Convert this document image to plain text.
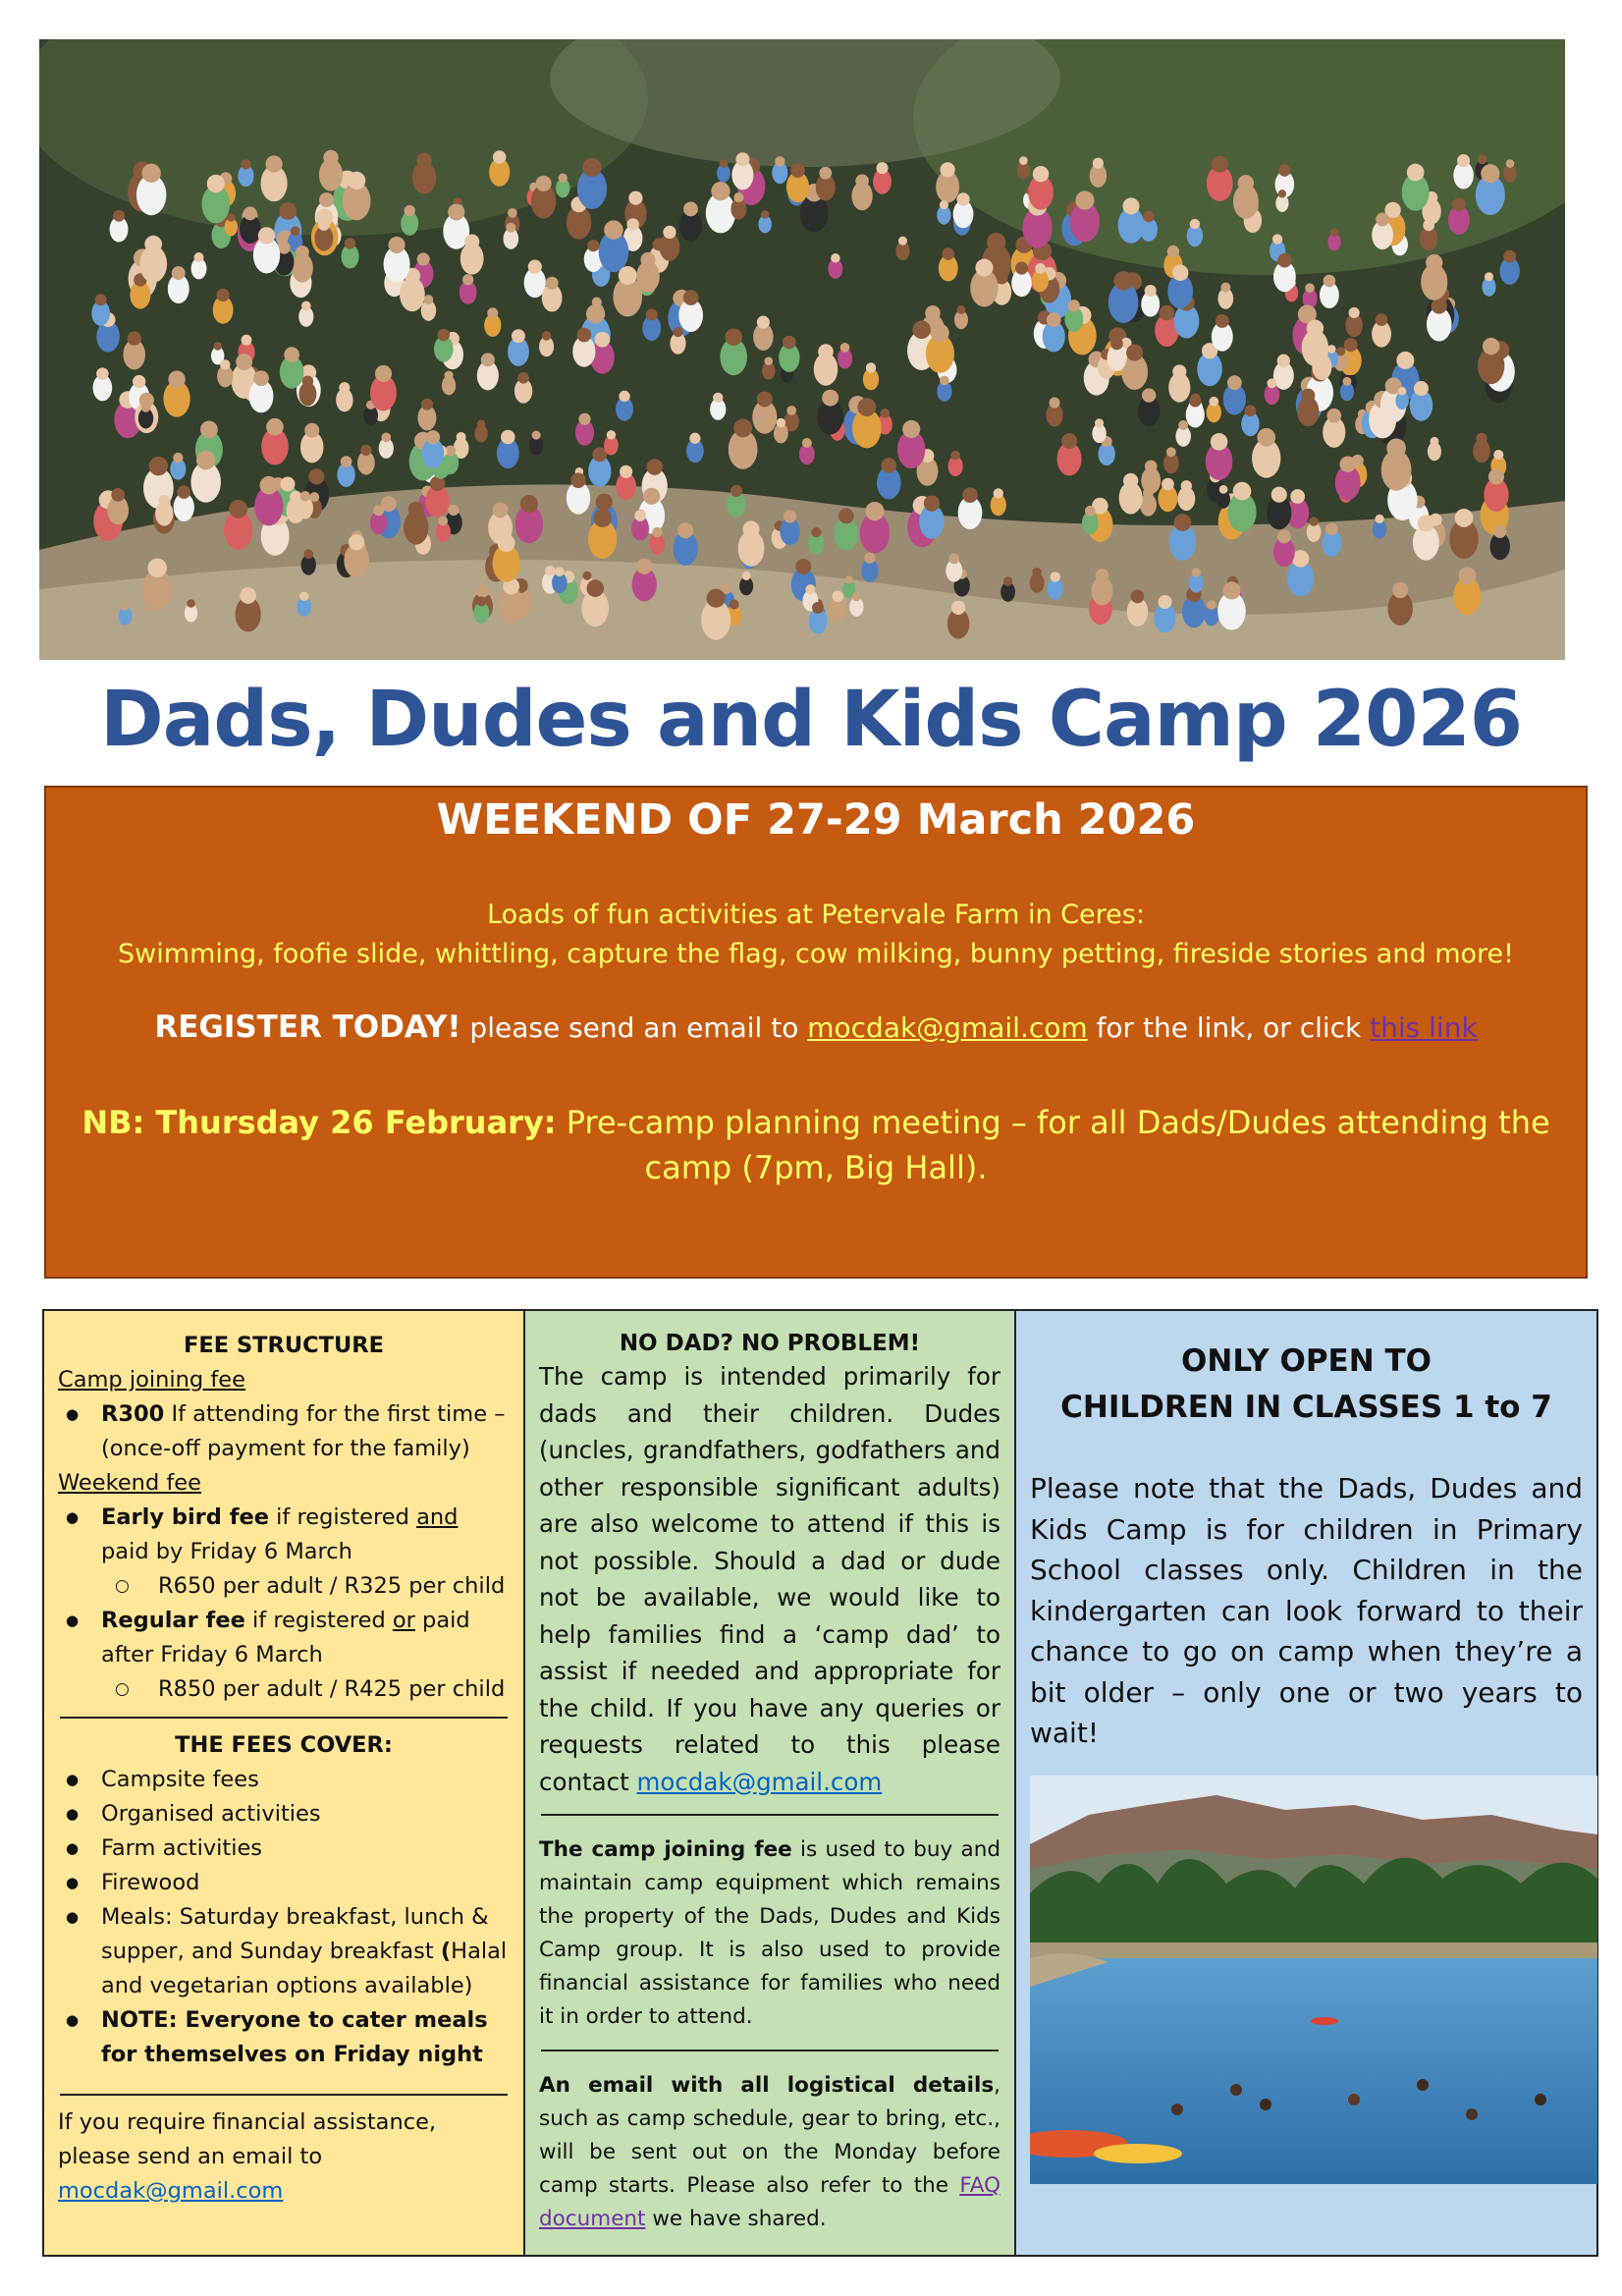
Dads, Dudes and Kids Camp 2026
WEEKEND OF 27-29 March 2026
Loads of fun activities at Petervale Farm in Ceres:
Swimming, foofie slide, whittling, capture the flag, cow milking, bunny petting, fireside stories and more!
REGISTER TODAY! please send an email to mocdak@gmail.com for the link, or click this link
NB: Thursday 26 February: Pre-camp planning meeting – for all Dads/Dudes attending the camp (7pm, Big Hall).
FEE STRUCTURE
Camp joining fee
● R300 If attending for the first time – (once-off payment for the family)
Weekend fee
● Early bird fee if registered and paid by Friday 6 March
○ R650 per adult / R325 per child
● Regular fee if registered or paid after Friday 6 March
○ R850 per adult / R425 per child
THE FEES COVER:
● Campsite fees
● Organised activities
● Farm activities
● Firewood
● Meals: Saturday breakfast, lunch & supper, and Sunday breakfast (Halal and vegetarian options available)
● NOTE: Everyone to cater meals for themselves on Friday night
If you require financial assistance, please send an email to mocdak@gmail.com
NO DAD? NO PROBLEM!
The camp is intended primarily for dads and their children. Dudes (uncles, grandfathers, godfathers and other responsible significant adults) are also welcome to attend if this is not possible. Should a dad or dude not be available, we would like to help families find a ‘camp dad’ to assist if needed and appropriate for the child. If you have any queries or requests related to this please contact mocdak@gmail.com
The camp joining fee is used to buy and maintain camp equipment which remains the property of the Dads, Dudes and Kids Camp group. It is also used to provide financial assistance for families who need it in order to attend.
An email with all logistical details, such as camp schedule, gear to bring, etc., will be sent out on the Monday before camp starts. Please also refer to the FAQ document we have shared.
ONLY OPEN TO
CHILDREN IN CLASSES 1 to 7
Please note that the Dads, Dudes and Kids Camp is for children in Primary School classes only. Children in the kindergarten can look forward to their chance to go on camp when they’re a bit older – only one or two years to wait!
